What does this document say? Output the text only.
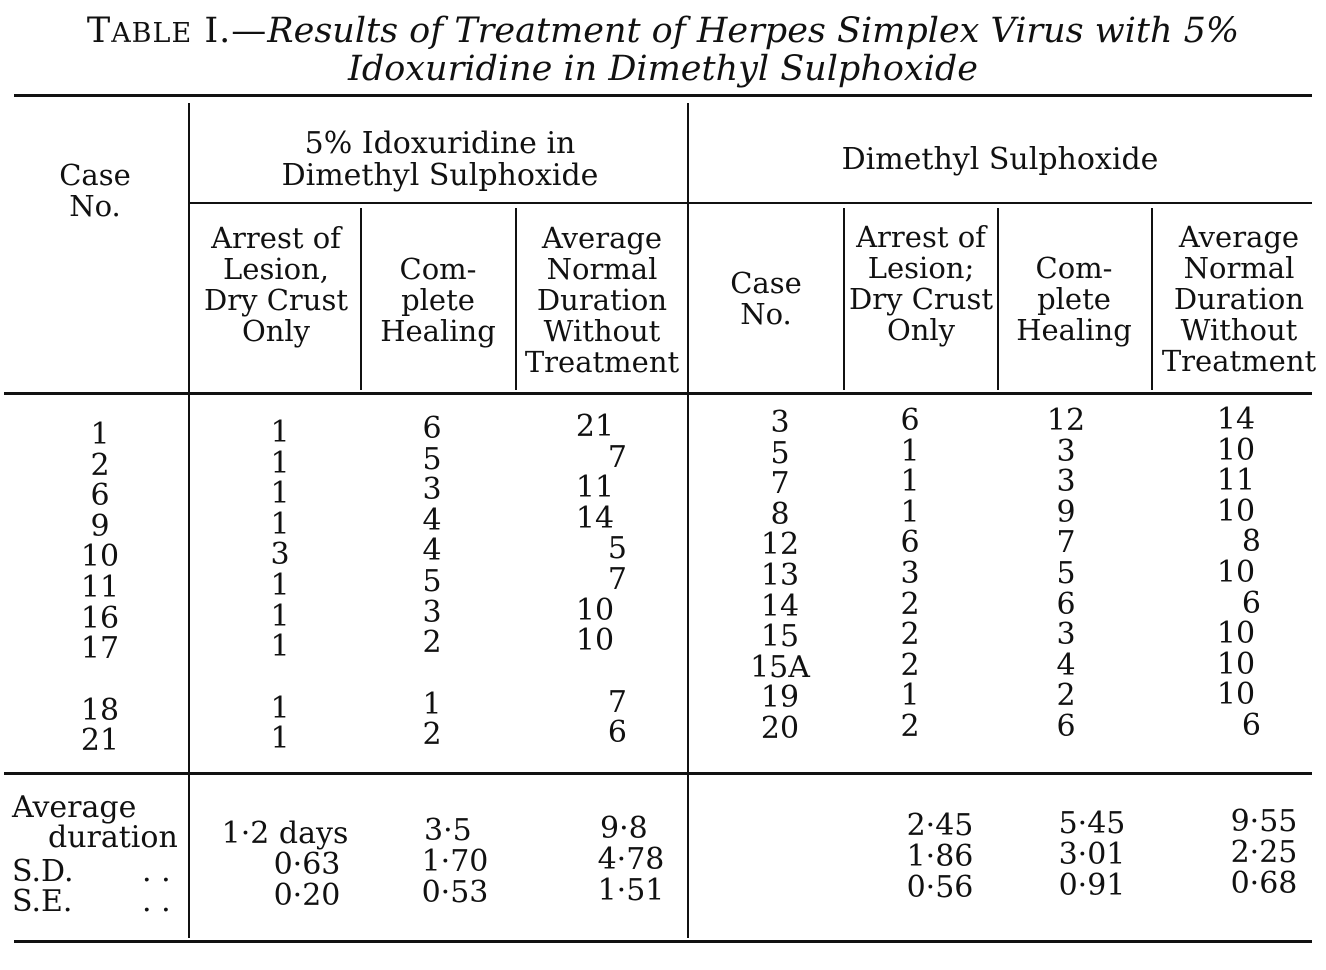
TABLE I.—Results of Treatment of Herpes Simplex Virus with 5%
Idoxuridine in Dimethyl Sulphoxide
Case No.
5% Idoxuridine in Dimethyl Sulphoxide	Dimethyl Sulphoxide
Arrest of Lesion, Dry Crust Only
Com- plete Healing
Average Normal Duration Without Treatment
Case No.
Arrest of Lesion; Dry Crust Only
Com- plete Healing
Average Normal Duration Without Treatment
1
2
6
9
10
11
16
17
18
21
1
1
1
1
3
1
1
1
1
1
6
5
3
4
4
5
3
2
1
2
21
7
11
14
5
7
10
10
7
6
3
5
7
8
12
13
14
15
15A
19
20
6
1
1
1
6
3
2
2
2
1
2
12
3
3
9
7
5
6
3
4
2
6
14
10
11
10
8
10
6
10
10
10
6
Average
duration
S.D. . .
S.E. . .
1·2 days
0·63
0·20
3·5
1·70
0·53
9·8
4·78
1·51
2·45
1·86
0·56
5·45
3·01
0·91
9·55
2·25
0·68
